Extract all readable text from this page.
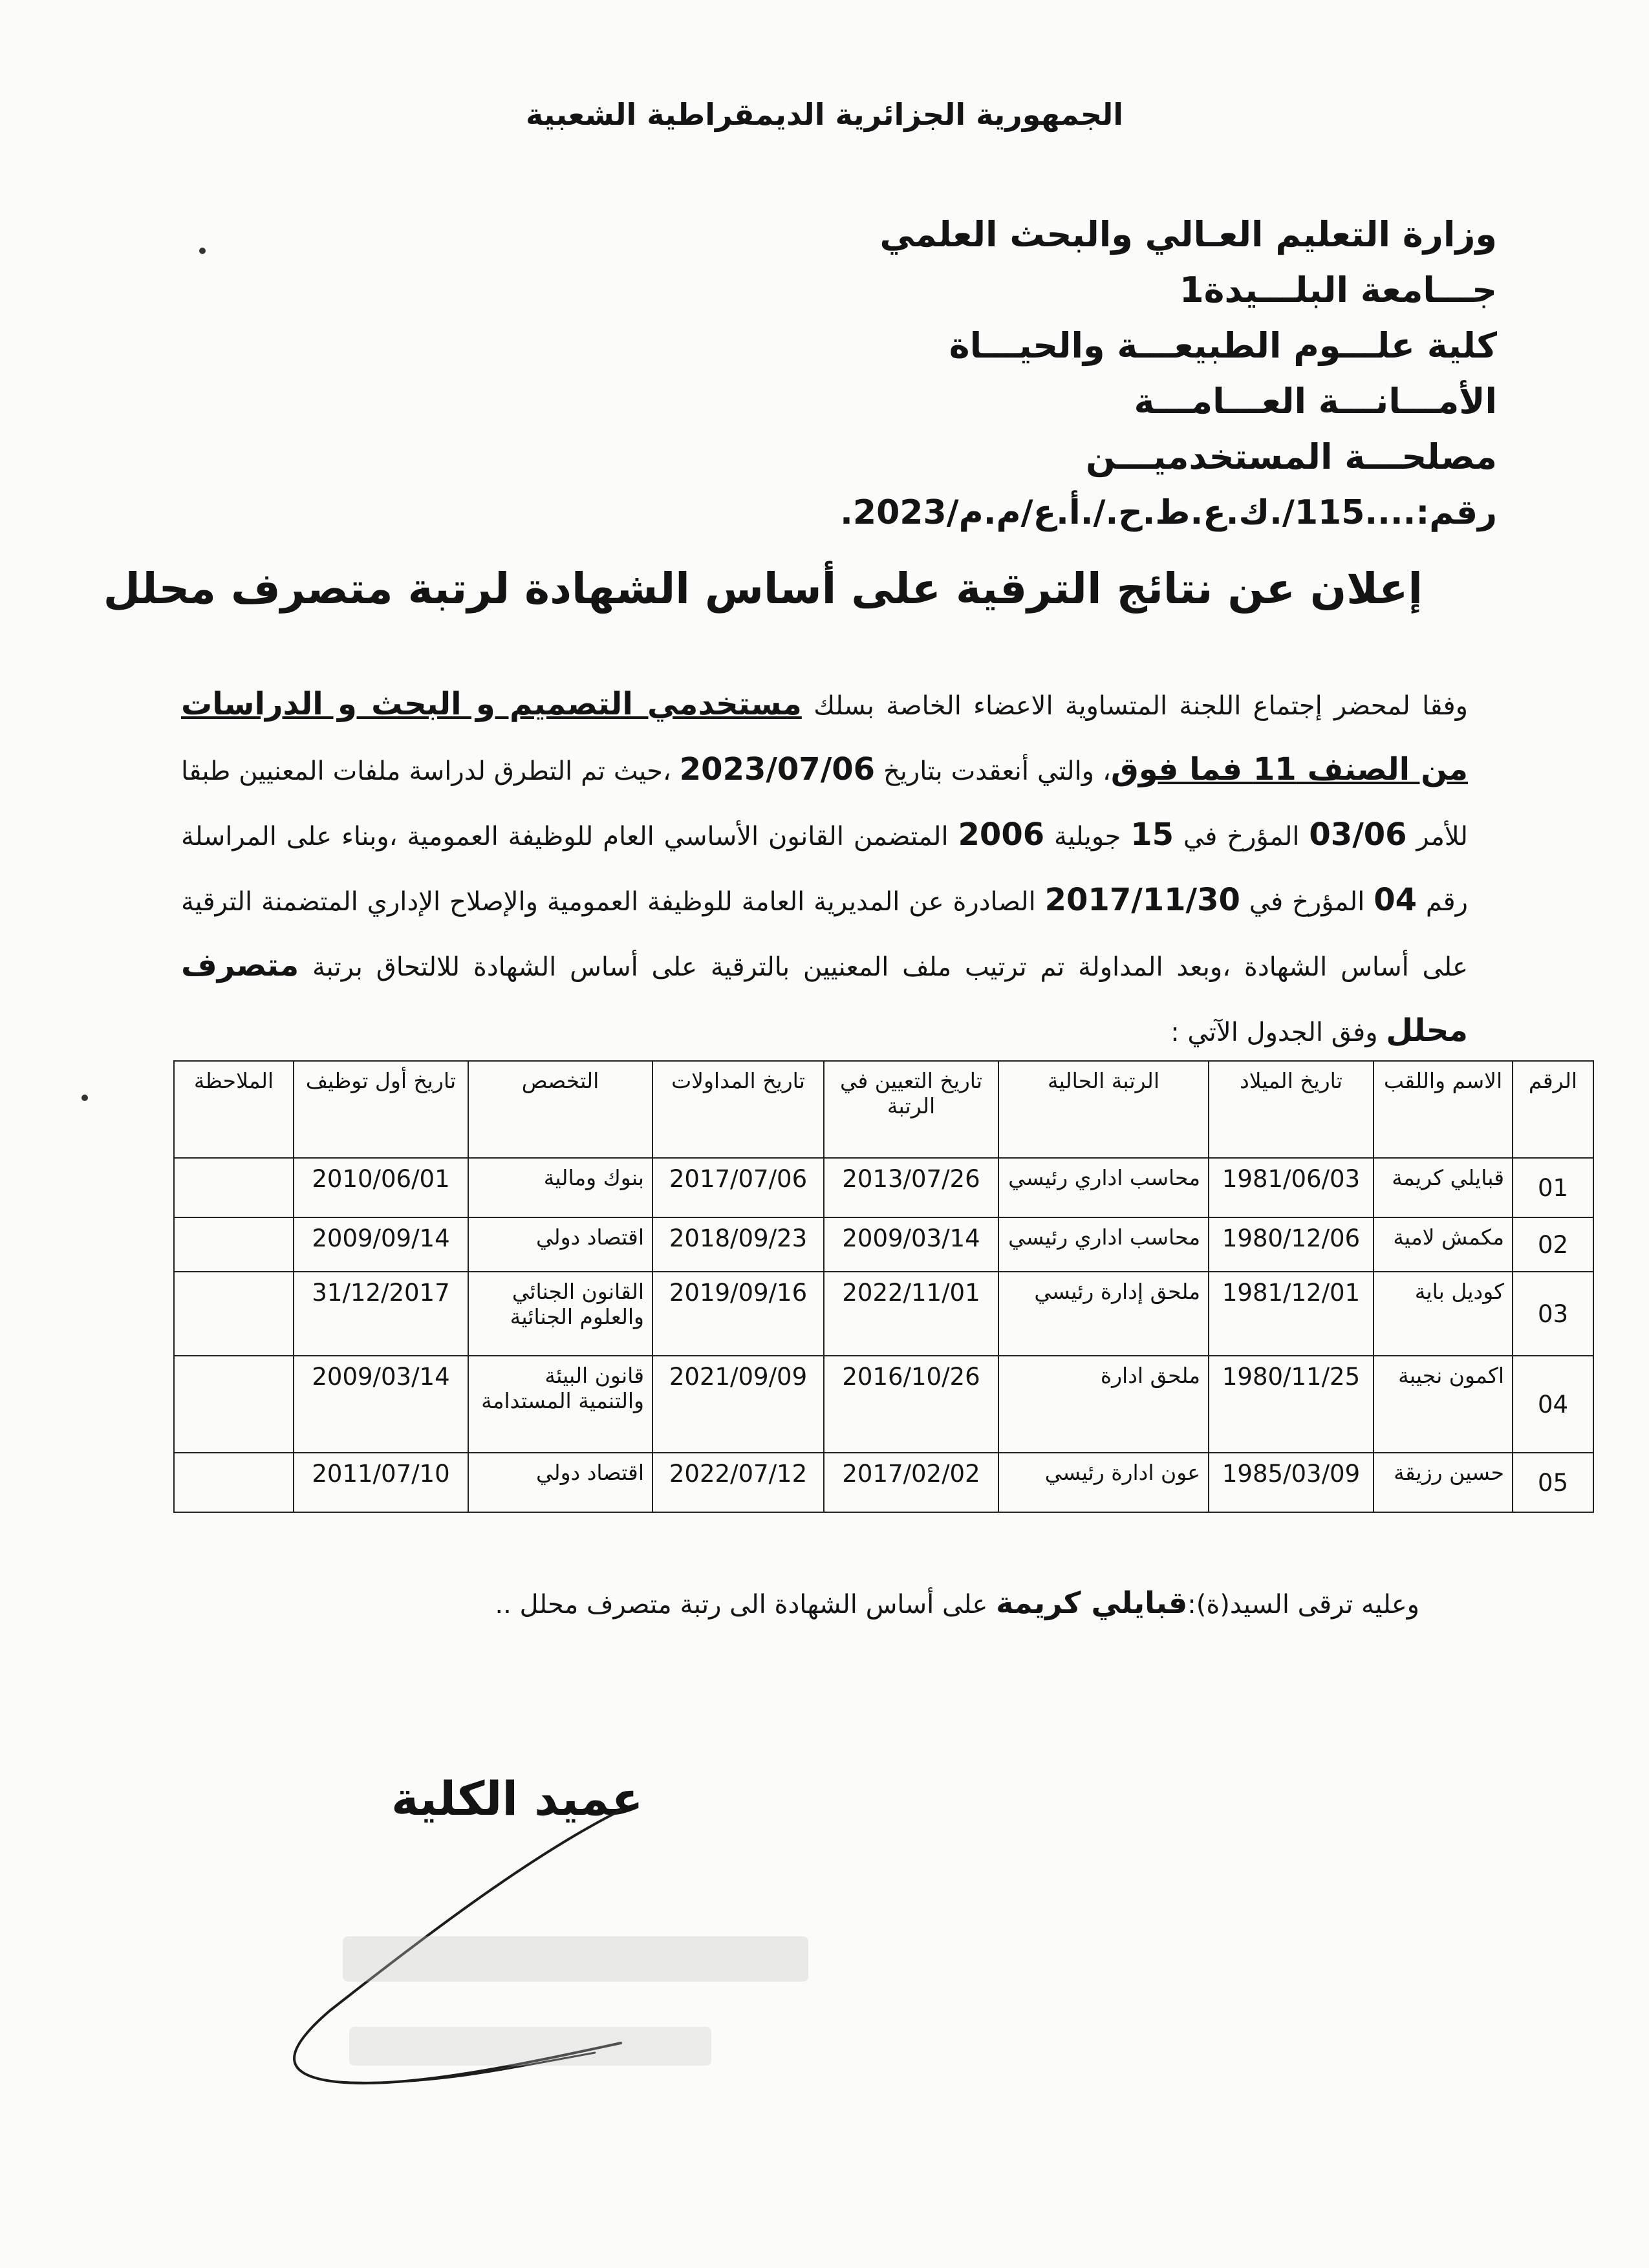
الجمهورية الجزائرية الديمقراطية الشعبية
وزارة التعليم العـالي والبحث العلمي
جـــامعة البلـــيدة1
كلية علـــوم الطبيعـــة والحيـــاة
الأمـــانـــة العـــامـــة
مصلحـــة المستخدميـــن
رقم:....115/.ك.ع.ط.ح./.أ.ع/م.م/2023.
إعلان عن نتائج الترقية على أساس الشهادة لرتبة متصرف محلل
وفقا لمحضر إجتماع اللجنة المتساوية الاعضاء الخاصة بسلك مستخدمي التصميم و البحث و الدراسات من الصنف 11 فما فوق، والتي أنعقدت بتاريخ 2023/07/06 ،حيث تم التطرق لدراسة ملفات المعنيين طبقا للأمر 03/06 المؤرخ في 15 جويلية 2006 المتضمن القانون الأساسي العام للوظيفة العمومية ،وبناء على المراسلة رقم 04 المؤرخ في 2017/11/30 الصادرة عن المديرية العامة للوظيفة العمومية والإصلاح الإداري المتضمنة الترقية على أساس الشهادة ،وبعد المداولة تم ترتيب ملف المعنيين بالترقية على أساس الشهادة للالتحاق برتبة متصرف محلل وفق الجدول الآتي :
الرقم	الاسم واللقب	تاريخ الميلاد	الرتبة الحالية	تاريخ التعيين في الرتبة	تاريخ المداولات	التخصص	تاريخ أول توظيف	الملاحظة
01	قبايلي كريمة	1981/06/03	محاسب اداري رئيسي	2013/07/26	2017/07/06	بنوك ومالية	2010/06/01	
02	مكمش لامية	1980/12/06	محاسب اداري رئيسي	2009/03/14	2018/09/23	اقتصاد دولي	2009/09/14	
03	كوديل باية	1981/12/01	ملحق إدارة رئيسي	2022/11/01	2019/09/16	القانون الجنائي والعلوم الجنائية	31/12/2017	
04	اكمون نجيبة	1980/11/25	ملحق ادارة	2016/10/26	2021/09/09	قانون البيئة والتنمية المستدامة	2009/03/14	
05	حسين رزيقة	1985/03/09	عون ادارة رئيسي	2017/02/02	2022/07/12	اقتصاد دولي	2011/07/10	
وعليه ترقى السيد(ة):قبايلي كريمة على أساس الشهادة الى رتبة متصرف محلل ..
عميد الكلية
